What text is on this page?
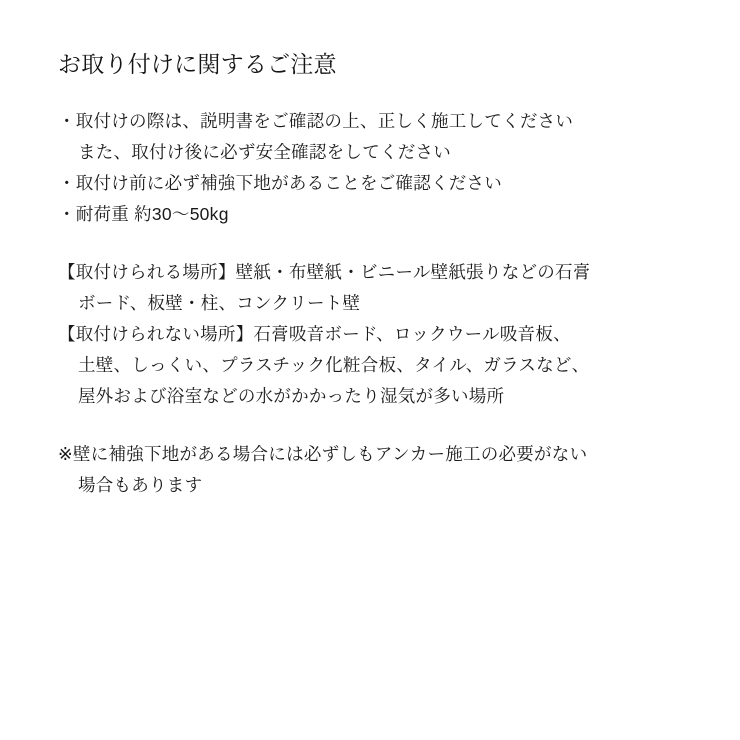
お取り付けに関するご注意
・取付けの際は、説明書をご確認の上、正しく施工してください
また、取付け後に必ず安全確認をしてください
・取付け前に必ず補強下地があることをご確認ください
・耐荷重 約30〜50kg
【取付けられる場所】壁紙・布壁紙・ビニール壁紙張りなどの石膏
ボード、板壁・柱、コンクリート壁
【取付けられない場所】石膏吸音ボード、ロックウール吸音板、
土壁、しっくい、プラスチック化粧合板、タイル、ガラスなど、
屋外および浴室などの水がかかったり湿気が多い場所
※壁に補強下地がある場合には必ずしもアンカー施工の必要がない
場合もあります
